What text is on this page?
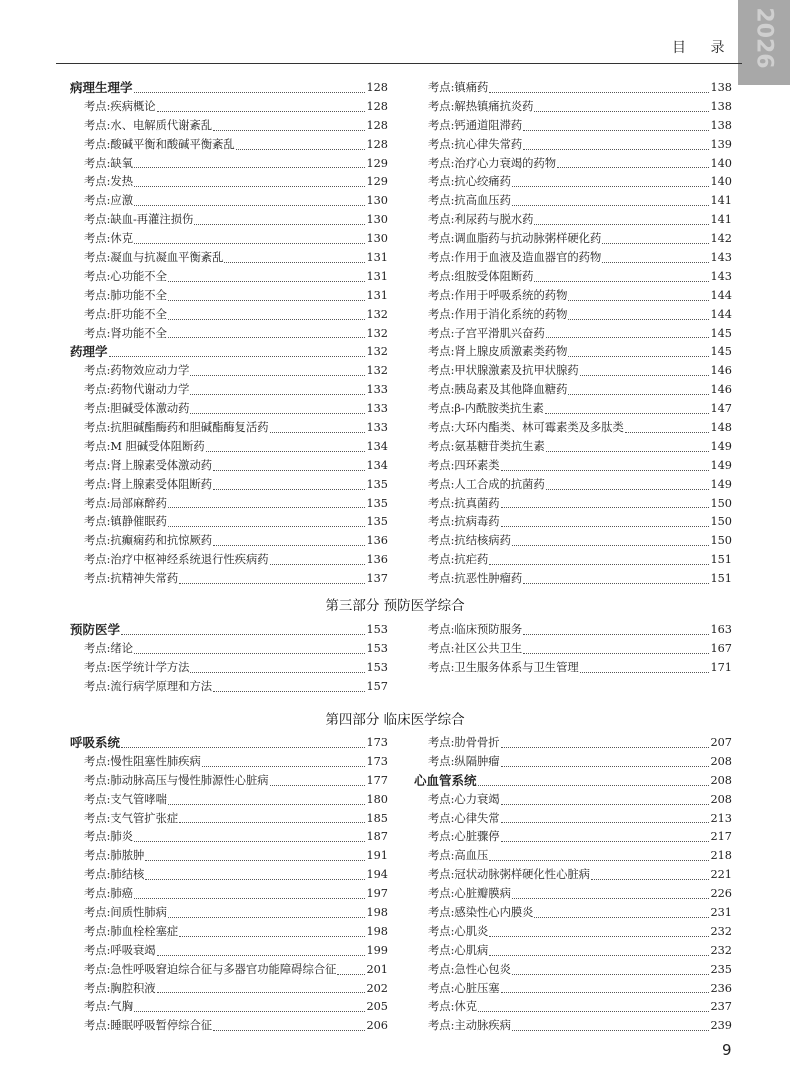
2026
目 录
病理生理学	128
考点:疾病概论	128
考点:水、电解质代谢紊乱	128
考点:酸碱平衡和酸碱平衡紊乱	128
考点:缺氧	129
考点:发热	129
考点:应激	130
考点:缺血-再灌注损伤	130
考点:休克	130
考点:凝血与抗凝血平衡紊乱	131
考点:心功能不全	131
考点:肺功能不全	131
考点:肝功能不全	132
考点:肾功能不全	132
药理学	132
考点:药物效应动力学	132
考点:药物代谢动力学	133
考点:胆碱受体激动药	133
考点:抗胆碱酯酶药和胆碱酯酶复活药	133
考点:M 胆碱受体阻断药	134
考点:肾上腺素受体激动药	134
考点:肾上腺素受体阻断药	135
考点:局部麻醉药	135
考点:镇静催眠药	135
考点:抗癫痫药和抗惊厥药	136
考点:治疗中枢神经系统退行性疾病药	136
考点:抗精神失常药	137
考点:镇痛药	138
考点:解热镇痛抗炎药	138
考点:钙通道阻滞药	138
考点:抗心律失常药	139
考点:治疗心力衰竭的药物	140
考点:抗心绞痛药	140
考点:抗高血压药	141
考点:利尿药与脱水药	141
考点:调血脂药与抗动脉粥样硬化药	142
考点:作用于血液及造血器官的药物	143
考点:组胺受体阻断药	143
考点:作用于呼吸系统的药物	144
考点:作用于消化系统的药物	144
考点:子宫平滑肌兴奋药	145
考点:肾上腺皮质激素类药物	145
考点:甲状腺激素及抗甲状腺药	146
考点:胰岛素及其他降血糖药	146
考点:β-内酰胺类抗生素	147
考点:大环内酯类、林可霉素类及多肽类	148
考点:氨基糖苷类抗生素	149
考点:四环素类	149
考点:人工合成的抗菌药	149
考点:抗真菌药	150
考点:抗病毒药	150
考点:抗结核病药	150
考点:抗疟药	151
考点:抗恶性肿瘤药	151
第三部分 预防医学综合
预防医学	153
考点:绪论	153
考点:医学统计学方法	153
考点:流行病学原理和方法	157
考点:临床预防服务	163
考点:社区公共卫生	167
考点:卫生服务体系与卫生管理	171
第四部分 临床医学综合
呼吸系统	173
考点:慢性阻塞性肺疾病	173
考点:肺动脉高压与慢性肺源性心脏病	177
考点:支气管哮喘	180
考点:支气管扩张症	185
考点:肺炎	187
考点:肺脓肿	191
考点:肺结核	194
考点:肺癌	197
考点:间质性肺病	198
考点:肺血栓栓塞症	198
考点:呼吸衰竭	199
考点:急性呼吸窘迫综合征与多器官功能障碍综合征	201
考点:胸腔积液	202
考点:气胸	205
考点:睡眠呼吸暂停综合征	206
考点:肋骨骨折	207
考点:纵隔肿瘤	208
心血管系统	208
考点:心力衰竭	208
考点:心律失常	213
考点:心脏骤停	217
考点:高血压	218
考点:冠状动脉粥样硬化性心脏病	221
考点:心脏瓣膜病	226
考点:感染性心内膜炎	231
考点:心肌炎	232
考点:心肌病	232
考点:急性心包炎	235
考点:心脏压塞	236
考点:休克	237
考点:主动脉疾病	239
9
